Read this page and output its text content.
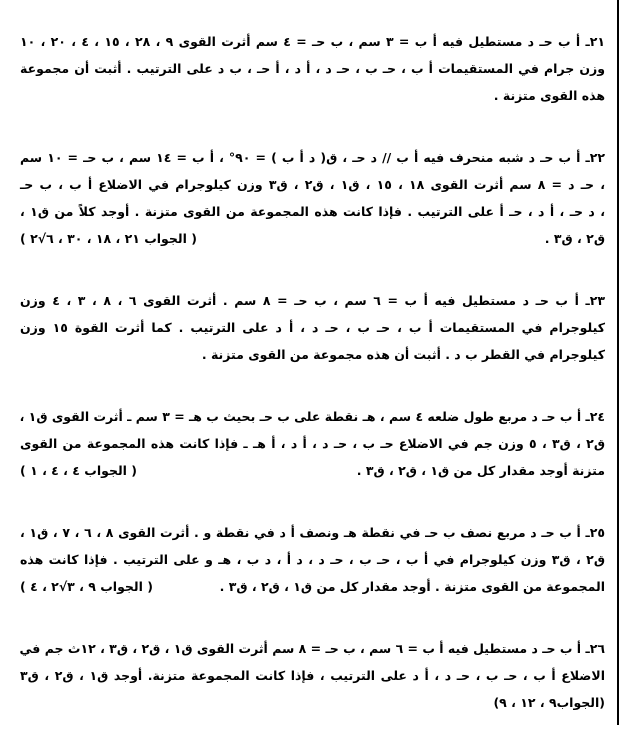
٢١ـ أ ب حـ د مستطيل فيه أ ب = ٣ سم ، ب حـ = ٤ سم أثرت القوى ٩ ، ٢٨ ، ١٥ ، ٤ ، ٢٠ ، ١٠
وزن جرام في المستقيمات أ ب ، حـ ب ، حـ د ، أ د ، أ حـ ، ب د على الترتيب . أثبت أن مجموعة
هذه القوى متزنة .
٢٢ـ أ ب حـ د شبه منحرف فيه أ ب // د حـ ، ق( د أ ب ) = ٩٠° ، أ ب = ١٤ سم ، ب حـ = ١٠ سم
، حـ د = ٨ سم أثرت القوى ١٨ ، ١٥ ، ق١ ، ق٢ ، ق٣ وزن كيلوجرام في الاضلاع أ ب ، ب حـ
، د حـ ، أ د ، حـ أ على الترتيب . فإذا كانت هذه المجموعة من القوى متزنة . أوجد كلاً من ق١ ،
ق٢ ، ق٣ .
( الجواب ٢١ ، ١٨ ، ٣٠ ، ٦√٢ )
٢٣ـ أ ب حـ د مستطيل فيه أ ب = ٦ سم ، ب حـ = ٨ سم . أثرت القوى ٦ ، ٨ ، ٣ ، ٤ وزن
كيلوجرام في المستقيمات أ ب ، حـ ب ، حـ د ، أ د على الترتيب . كما أثرت القوة ١٥ وزن
كيلوجرام في القطر ب د . أثبت أن هذه مجموعة من القوى متزنة .
٢٤ـ أ ب حـ د مربع طول ضلعه ٤ سم ، هـ نقطة على ب حـ بحيث ب هـ = ٣ سم ـ أثرت القوى ق١ ،
ق٢ ، ق٣ ، ٥ وزن جم في الاضلاع حـ ب ، حـ د ، أ د ، أ هـ ـ فإذا كانت هذه المجموعة من القوى
متزنة أوجد مقدار كل من ق١ ، ق٢ ، ق٣ .
( الجواب ٤ ، ٤ ، ١ )
٢٥ـ أ ب حـ د مربع نصف ب حـ في نقطة هـ ونصف أ د في نقطة و . أثرت القوى ٨ ، ٦ ، ٧ ، ق١ ،
ق٢ ، ق٣ وزن كيلوجرام في أ ب ، حـ ب ، حـ د ، د أ ، د ب ، هـ و على الترتيب . فإذا كانت هذه
المجموعة من القوى متزنة . أوجد مقدار كل من ق١ ، ق٢ ، ق٣ .
( الجواب ٩ ، ٣√٢ ، ٤ )
٢٦ـ أ ب حـ د مستطيل فيه أ ب = ٦ سم ، ب حـ = ٨ سم أثرت القوى ق١ ، ق٢ ، ق٣ ، ١٢ث جم في
الاضلاع أ ب ، حـ ب ، حـ د ، أ د على الترتيب ، فإذا كانت المجموعة متزنة. أوجد ق١ ، ق٢ ، ق٣
(الجواب٩ ، ١٢ ، ٩)
